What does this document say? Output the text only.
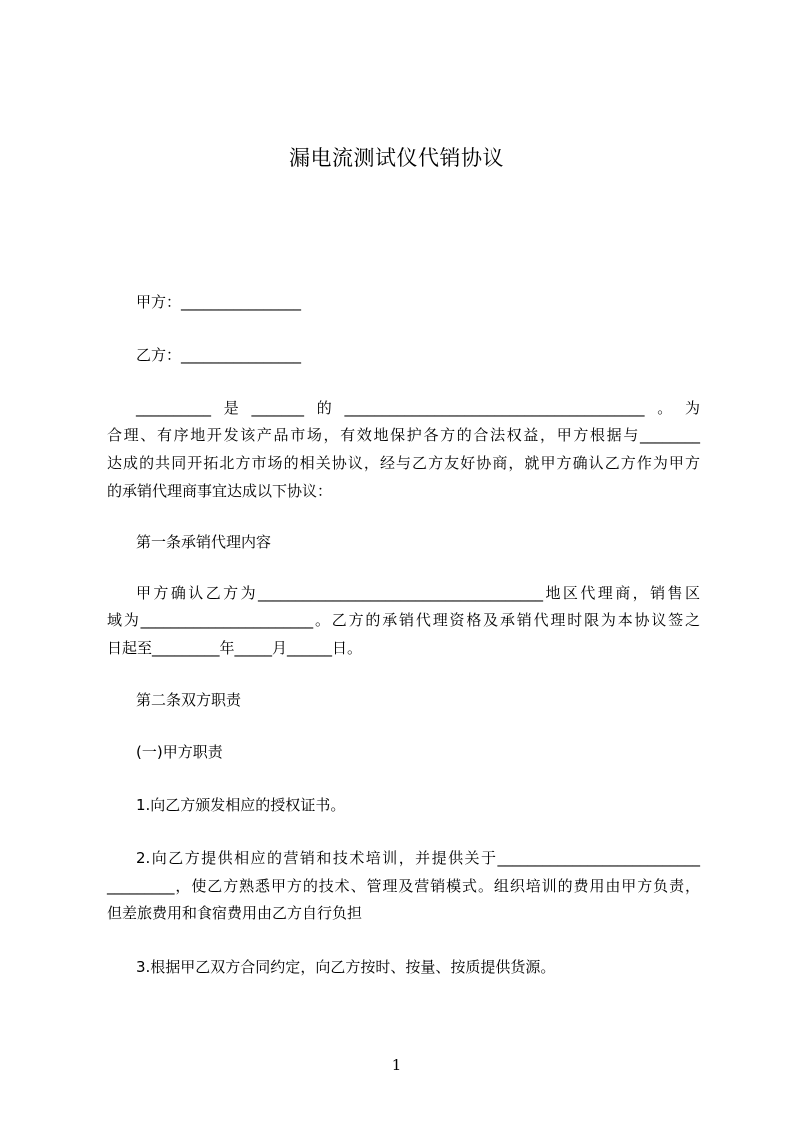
漏电流测试仪代销协议
甲方：________________
乙方：________________
__________是_______的________________________________________。为
合理、有序地开发该产品市场，有效地保护各方的合法权益，甲方根据与________
达成的共同开拓北方市场的相关协议，经与乙方友好协商，就甲方确认乙方作为甲方
的承销代理商事宜达成以下协议：
第一条承销代理内容
甲方确认乙方为______________________________________地区代理商，销售区
域为_______________________。乙方的承销代理资格及承销代理时限为本协议签之
日起至_________年_____月______日。
第二条双方职责
(一)甲方职责
1.向乙方颁发相应的授权证书。
2.向乙方提供相应的营销和技术培训，并提供关于___________________________
_________，使乙方熟悉甲方的技术、管理及营销模式。组织培训的费用由甲方负责，
但差旅费用和食宿费用由乙方自行负担
3.根据甲乙双方合同约定，向乙方按时、按量、按质提供货源。
1
